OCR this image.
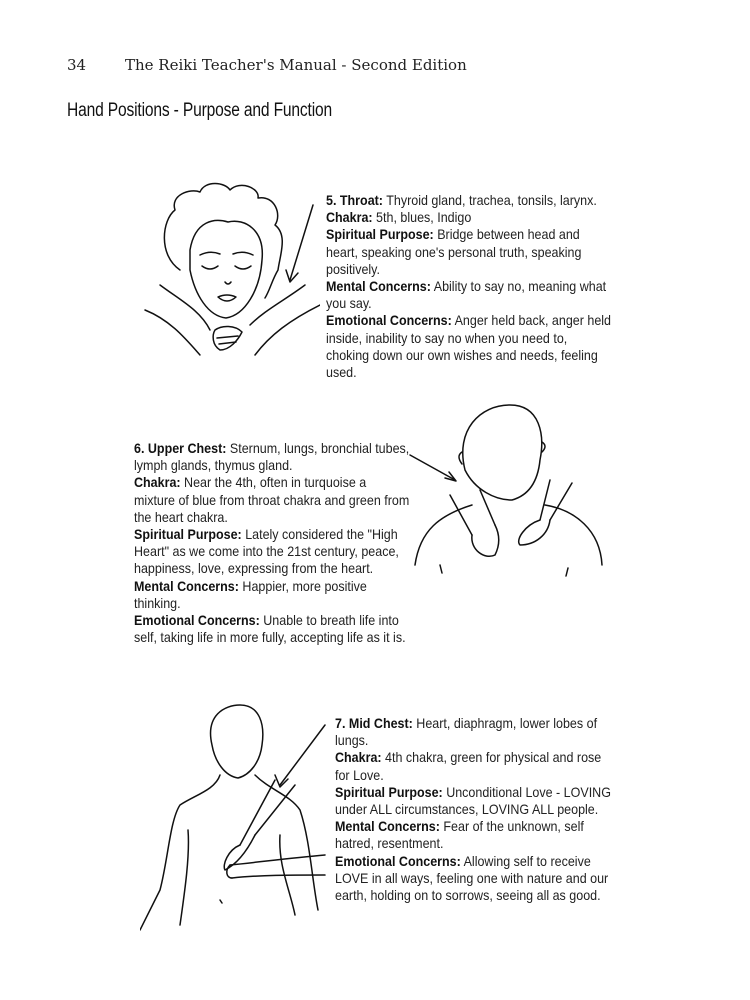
34	The Reiki Teacher's Manual - Second Edition
Hand Positions - Purpose and Function

5. Throat: Thyroid gland, trachea, tonsils, larynx.

Chakra: 5th, blues, Indigo

Spiritual Purpose: Bridge between head and heart, speaking one's personal truth, speaking positively.

Mental Concerns: Ability to say no, meaning what you say.

Emotional Concerns: Anger held back, anger held inside, inability to say no when you need to, choking down our own wishes and needs, feeling used.

6. Upper Chest: Sternum, lungs, bronchial tubes, lymph glands, thymus gland.

Chakra: Near the 4th, often in turquoise a mixture of blue from throat chakra and green from the heart chakra.

Spiritual Purpose: Lately considered the "High Heart" as we come into the 21st century, peace, happiness, love, expressing from the heart.

Mental Concerns: Happier, more positive thinking.

Emotional Concerns: Unable to breath life into self, taking life in more fully, accepting life as it is.

7. Mid Chest: Heart, diaphragm, lower lobes of lungs.

Chakra: 4th chakra, green for physical and rose for Love.

Spiritual Purpose: Unconditional Love - LOVING under ALL circumstances, LOVING ALL people.

Mental Concerns: Fear of the unknown, self hatred, resentment.

Emotional Concerns: Allowing self to receive LOVE in all ways, feeling one with nature and our earth, holding on to sorrows, seeing all as good.
